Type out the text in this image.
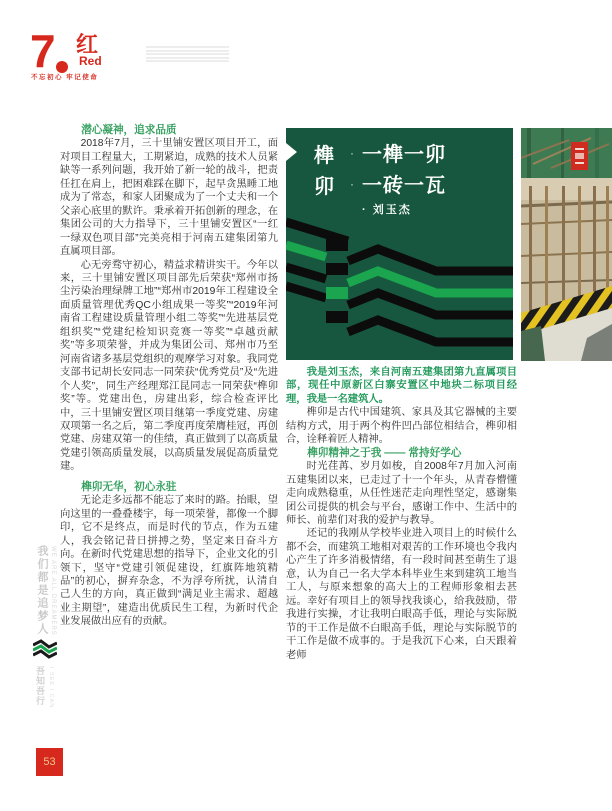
7 红
Red
不忘初心 牢记使命
我们都是追梦人 WE ARE ALL DREAMERS
吾知吾行 I SEE I CAN
53
潜心凝神，追求品质

2018年7月，三十里铺安置区项目开工，面对项目工程量大，工期紧迫，成熟的技术人员紧缺等一系列问题，我开始了新一轮的战斗，把责任扛在肩上，把困难踩在脚下，起早贪黑睡工地成为了常态，和家人团聚成为了一个丈夫和一个父亲心底里的默许。秉承着开拓创新的理念，在集团公司的大力指导下，三十里铺安置区“一红一绿双色项目部”完美亮相于河南五建集团第九直属项目部。

心无旁骛守初心，精益求精讲实干。今年以来，三十里铺安置区项目部先后荣获“郑州市扬尘污染治理绿牌工地”“郑州市2019年工程建设全面质量管理优秀QC小组成果一等奖”“2019年河南省工程建设质量管理小组二等奖”“先进基层党组织奖”“党建纪检知识竞赛一等奖”“卓越贡献奖”等多项荣誉，并成为集团公司、郑州市乃至河南省诸多基层党组织的观摩学习对象。我同党支部书记胡长安同志一同荣获“优秀党员”及“先进个人奖”，同生产经理郑江昆同志一同荣获“榫卯奖”等。党建出色，房建出彩，综合检查评比中，三十里铺安置区项目继第一季度党建、房建双项第一名之后，第二季度再度荣膺桂冠，再创党建、房建双第一的佳绩，真正做到了以高质量党建引领高质量发展，以高质量发展促高质量党建。

榫卯无华，初心永驻

无论走多远都不能忘了来时的路。抬眼，望向这里的一叠叠楼宇，每一项荣誉，都像一个脚印，它不是终点，而是时代的节点，作为五建人，我会铭记昔日拼搏之势，坚定来日奋斗方向。在新时代党建思想的指导下，企业文化的引领下，坚守“党建引领促建设，红旗阵地筑精品”的初心，摒弃杂念，不为浮夸所扰，认清自己人生的方向，真正做到“满足业主需求、超越业主期望”，建造出优质民生工程，为新时代企业发展做出应有的贡献。

榫
卯
·
·
一榫一卯
一砖一瓦
· 刘玉杰

我是刘玉杰，来自河南五建集团第九直属项目部，现任中原新区白寨安置区中地块二标项目经理，我是一名建筑人。

榫卯是古代中国建筑、家具及其它器械的主要结构方式，用于两个构件凹凸部位相结合，榫卯相合，诠释着匠人精神。

榫卯精神之于我 —— 常持好学心

时光荏苒、岁月如梭，自2008年7月加入河南五建集团以来，已走过了十一个年头，从青春懵懂走向成熟稳重，从任性迷茫走向理性坚定，感谢集团公司提供的机会与平台，感谢工作中、生活中的师长、前辈们对我的爱护与教导。

还记的我刚从学校毕业进入项目上的时候什么都不会，而建筑工地相对艰苦的工作环境也令我内心产生了许多消极情绪，有一段时间甚至萌生了退意，认为自己一名大学本科毕业生来到建筑工地当工人，与原来想象的高大上的工程师形象相去甚远。幸好有项目上的领导找我谈心，给我鼓励，带我进行实操，才让我明白眼高手低，理论与实际脱节的干工作是做不白眼高手低，理论与实际脱节的干工作是做不成事的。于是我沉下心来，白天跟着老师
